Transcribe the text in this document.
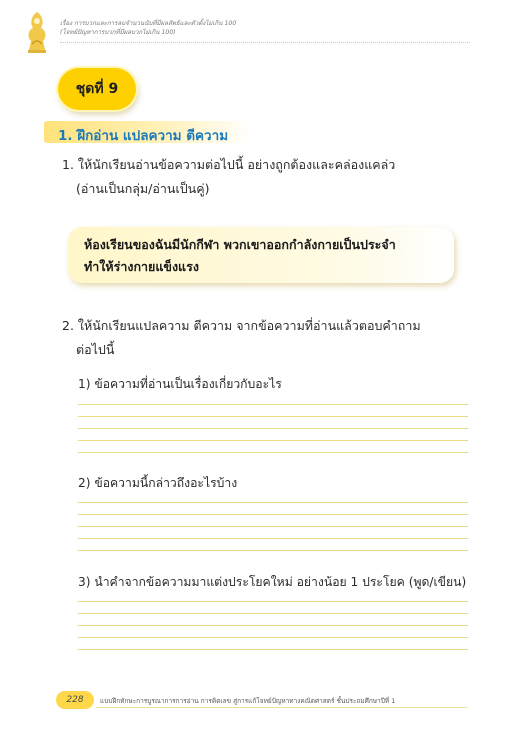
เรื่อง การบวกและการลบจำนวนนับที่มีผลลัพธ์และตัวตั้งไม่เกิน 100
(โจทย์ปัญหาการบวกที่มีผลบวกไม่เกิน 100)
ชุดที่ 9
1. ฝึกอ่าน แปลความ ตีความ
1. ให้นักเรียนอ่านข้อความต่อไปนี้ อย่างถูกต้องและคล่องแคล่ว
(อ่านเป็นกลุ่ม/อ่านเป็นคู่)
ห้องเรียนของฉันมีนักกีฬา พวกเขาออกกำลังกายเป็นประจำ
ทำให้ร่างกายแข็งแรง
2. ให้นักเรียนแปลความ ตีความ จากข้อความที่อ่านแล้วตอบคำถาม
ต่อไปนี้
1) ข้อความที่อ่านเป็นเรื่องเกี่ยวกับอะไร
2) ข้อความนี้กล่าวถึงอะไรบ้าง
3) นำคำจากข้อความมาแต่งประโยคใหม่ อย่างน้อย 1 ประโยค (พูด/เขียน)
228	แบบฝึกทักษะการบูรณาการการอ่าน การคิดเลข สู่การแก้โจทย์ปัญหาทางคณิตศาสตร์ ชั้นประถมศึกษาปีที่ 1
